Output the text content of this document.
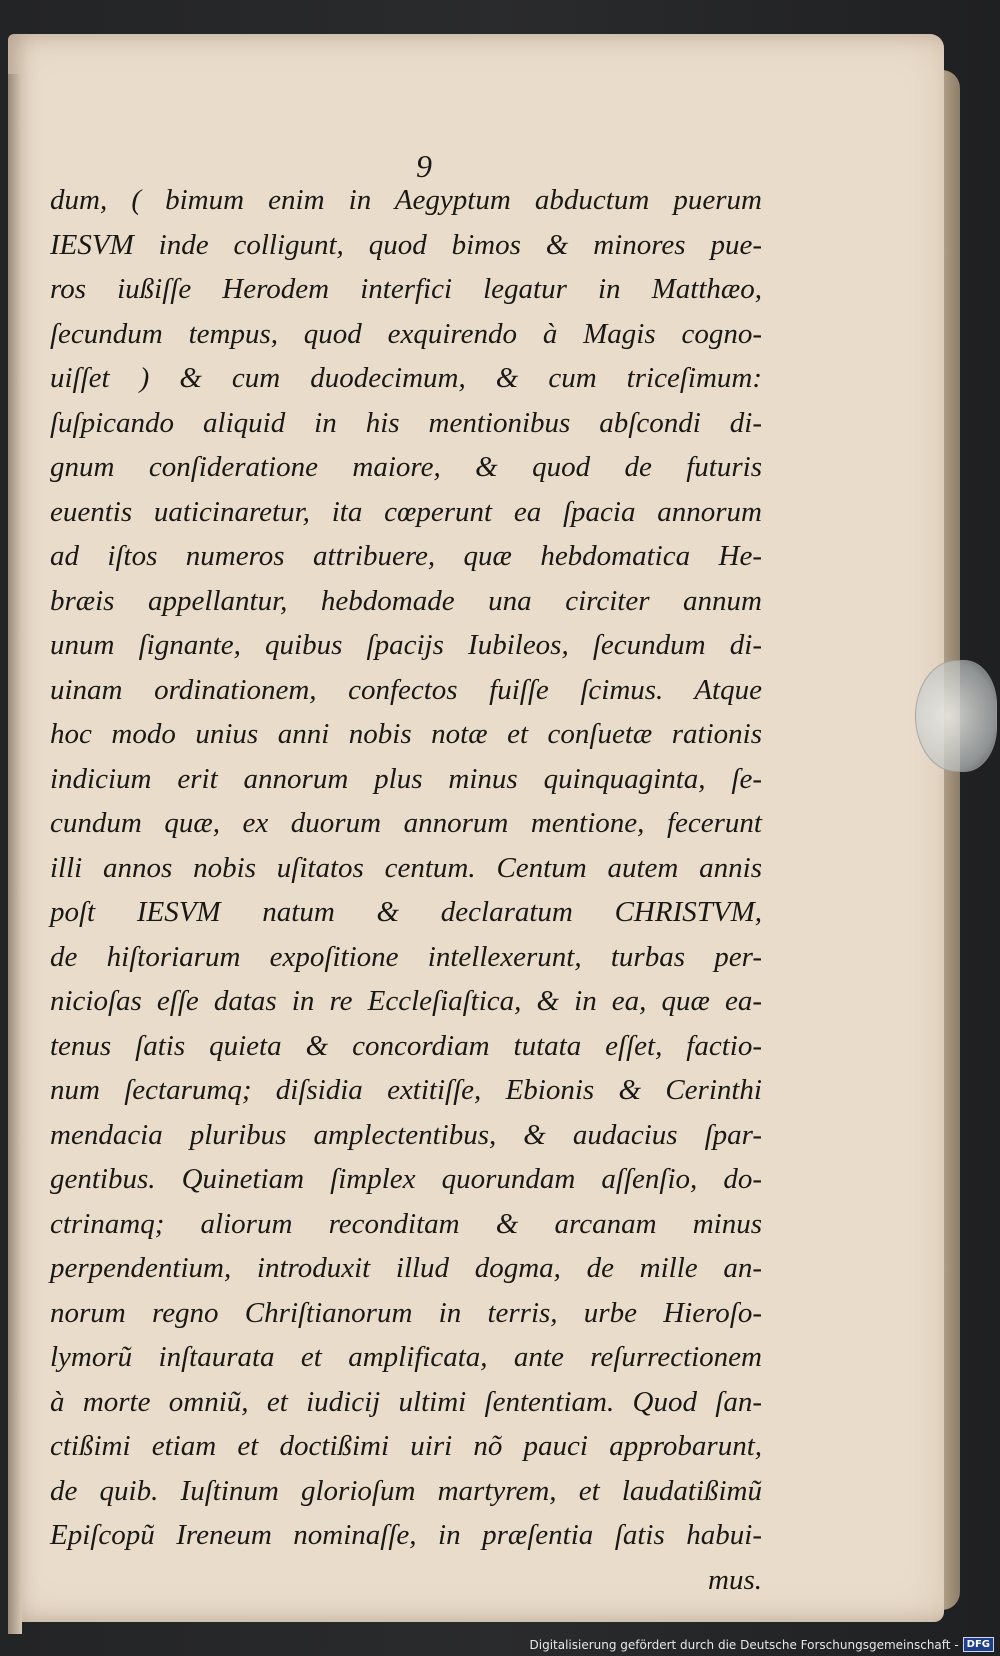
9
dum, ( bimum enim in Aegyptum abductum puerum
IESVM inde colligunt, quod bimos & minores pue-
ros iußiſſe Herodem interfici legatur in Matthæo,
ſecundum tempus, quod exquirendo à Magis cogno-
uiſſet ) & cum duodecimum, & cum triceſimum:
ſuſpicando aliquid in his mentionibus abſcondi di-
gnum conſideratione maiore, & quod de futuris
euentis uaticinaretur, ita cœperunt ea ſpacia annorum
ad iſtos numeros attribuere, quæ hebdomatica He-
bræis appellantur, hebdomade una circiter annum
unum ſignante, quibus ſpacijs Iubileos, ſecundum di-
uinam ordinationem, confectos fuiſſe ſcimus. Atque
hoc modo unius anni nobis notæ et conſuetæ rationis
indicium erit annorum plus minus quinquaginta, ſe-
cundum quæ, ex duorum annorum mentione, fecerunt
illi annos nobis uſitatos centum. Centum autem annis
poſt IESVM natum & declaratum CHRISTVM,
de hiſtoriarum expoſitione intellexerunt, turbas per-
nicioſas eſſe datas in re Eccleſiaſtica, & in ea, quæ ea-
tenus ſatis quieta & concordiam tutata eſſet, factio-
num ſectarumq; diſsidia extitiſſe, Ebionis & Cerinthi
mendacia pluribus amplectentibus, & audacius ſpar-
gentibus. Quinetiam ſimplex quorundam aſſenſio, do-
ctrinamq; aliorum reconditam & arcanam minus
perpendentium, introduxit illud dogma, de mille an-
norum regno Chriſtianorum in terris, urbe Hieroſo-
lymorũ inſtaurata et amplificata, ante reſurrectionem
à morte omniũ, et iudicij ultimi ſententiam. Quod ſan-
ctißimi etiam et doctißimi uiri nõ pauci approbarunt,
de quib. Iuſtinum glorioſum martyrem, et laudatißimũ
Epiſcopũ Ireneum nominaſſe, in præſentia ſatis habui-
mus.
Digitalisierung gefördert durch die Deutsche Forschungsgemeinschaft - DFG
